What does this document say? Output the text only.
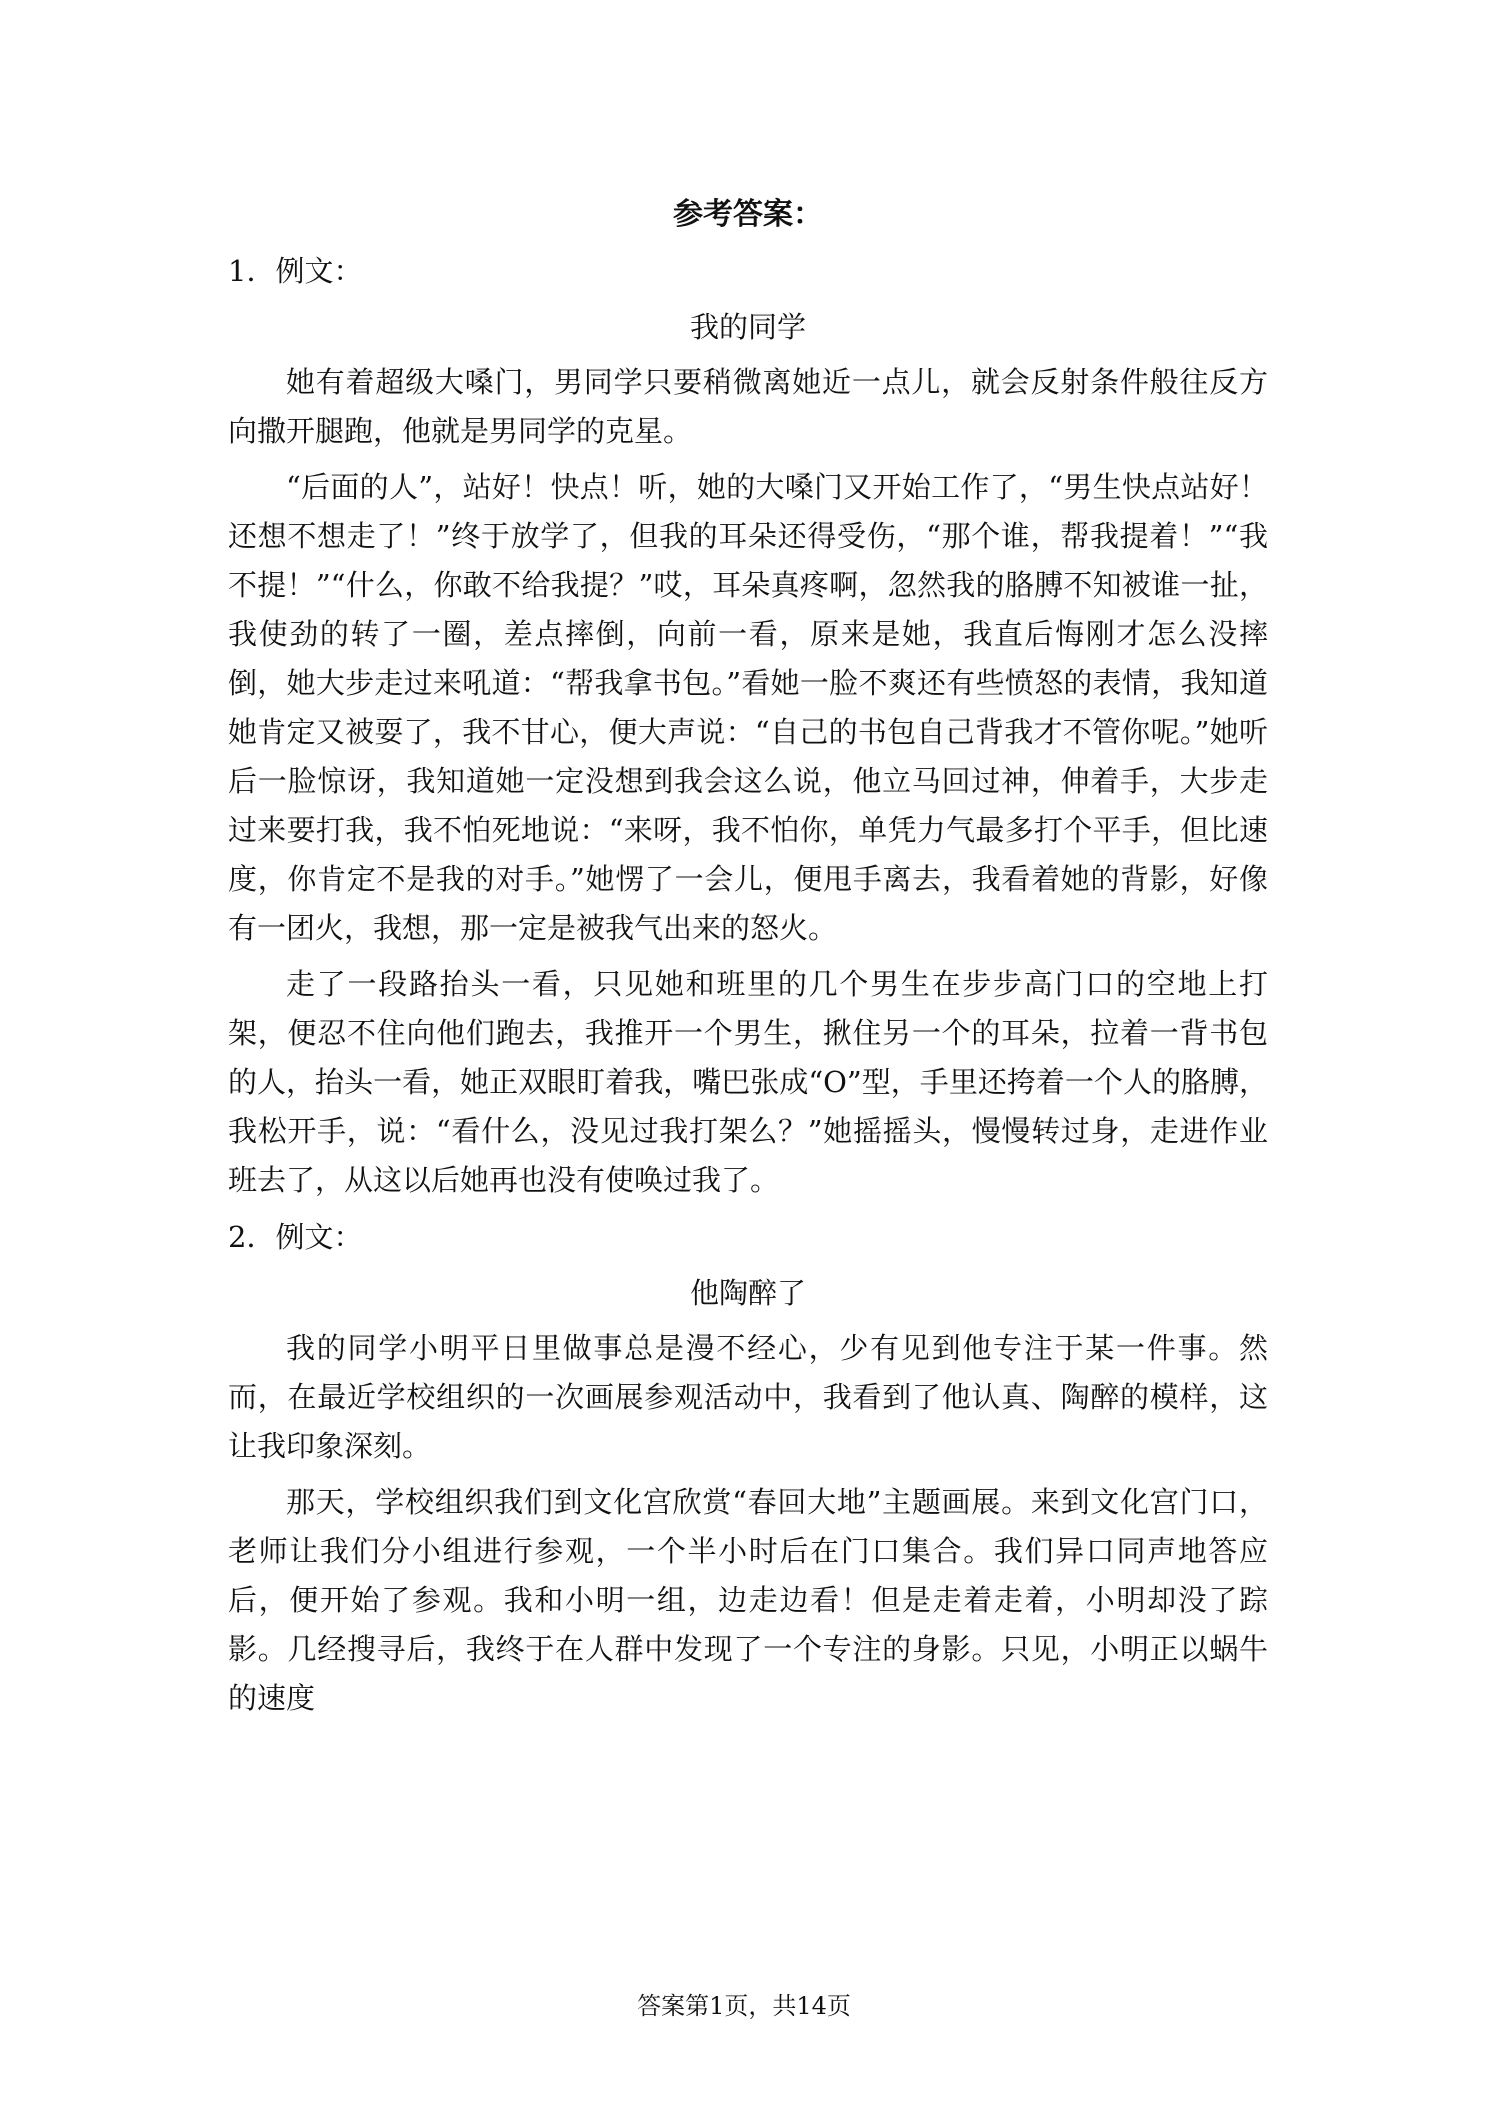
参考答案：
1．例文：
我的同学

她有着超级大嗓门，男同学只要稍微离她近一点儿，就会反射条件般往反方向撒开腿跑，他就是男同学的克星。

“后面的人”，站好！快点！听，她的大嗓门又开始工作了，“男生快点站好！还想不想走了！”终于放学了，但我的耳朵还得受伤，“那个谁，帮我提着！”“我不提！”“什么，你敢不给我提？”哎，耳朵真疼啊，忽然我的胳膊不知被谁一扯，我使劲的转了一圈，差点摔倒，向前一看，原来是她，我直后悔刚才怎么没摔倒，她大步走过来吼道：“帮我拿书包。”看她一脸不爽还有些愤怒的表情，我知道她肯定又被耍了，我不甘心，便大声说：“自己的书包自己背我才不管你呢。”她听后一脸惊讶，我知道她一定没想到我会这么说，他立马回过神，伸着手，大步走过来要打我，我不怕死地说：“来呀，我不怕你，单凭力气最多打个平手，但比速度，你肯定不是我的对手。”她愣了一会儿，便甩手离去，我看着她的背影，好像有一团火，我想，那一定是被我气出来的怒火。

走了一段路抬头一看，只见她和班里的几个男生在步步高门口的空地上打架，便忍不住向他们跑去，我推开一个男生，揪住另一个的耳朵，拉着一背书包的人，抬头一看，她正双眼盯着我，嘴巴张成“O”型，手里还挎着一个人的胳膊，我松开手，说：“看什么，没见过我打架么？”她摇摇头，慢慢转过身，走进作业班去了，从这以后她再也没有使唤过我了。

2．例文：
他陶醉了

我的同学小明平日里做事总是漫不经心，少有见到他专注于某一件事。然而，在最近学校组织的一次画展参观活动中，我看到了他认真、陶醉的模样，这让我印象深刻。

那天，学校组织我们到文化宫欣赏“春回大地”主题画展。来到文化宫门口，老师让我们分小组进行参观，一个半小时后在门口集合。我们异口同声地答应后，便开始了参观。我和小明一组，边走边看！但是走着走着，小明却没了踪影。几经搜寻后，我终于在人群中发现了一个专注的身影。只见，小明正以蜗牛的速度

答案第1页，共14页
